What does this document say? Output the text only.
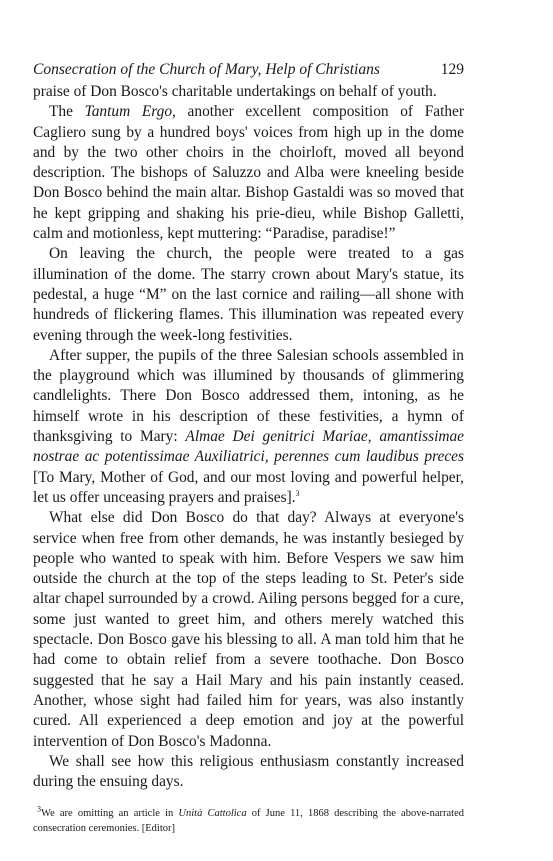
Consecration of the Church of Mary, Help of Christians	129

praise of Don Bosco's charitable undertakings on behalf of youth.

The Tantum Ergo, another excellent composition of Father Cagliero sung by a hundred boys' voices from high up in the dome and by the two other choirs in the choirloft, moved all beyond description. The bishops of Saluzzo and Alba were kneeling beside Don Bosco behind the main altar. Bishop Gastaldi was so moved that he kept gripping and shaking his prie-dieu, while Bishop Galletti, calm and motionless, kept muttering: “Paradise, paradise!”

On leaving the church, the people were treated to a gas illumination of the dome. The starry crown about Mary's statue, its pedestal, a huge “M” on the last cornice and railing—all shone with hundreds of flickering flames. This illumination was repeated every evening through the week-long festivities.

After supper, the pupils of the three Salesian schools assembled in the playground which was illumined by thousands of glimmering candlelights. There Don Bosco addressed them, intoning, as he himself wrote in his description of these festivities, a hymn of thanksgiving to Mary: Almae Dei genitrici Mariae, amantissimae nostrae ac potentissimae Auxiliatrici, perennes cum laudibus preces [To Mary, Mother of God, and our most loving and powerful helper, let us offer unceasing prayers and praises].$^3$

What else did Don Bosco do that day? Always at everyone's service when free from other demands, he was instantly besieged by people who wanted to speak with him. Before Vespers we saw him outside the church at the top of the steps leading to St. Peter's side altar chapel surrounded by a crowd. Ailing persons begged for a cure, some just wanted to greet him, and others merely watched this spectacle. Don Bosco gave his blessing to all. A man told him that he had come to obtain relief from a severe toothache. Don Bosco suggested that he say a Hail Mary and his pain instantly ceased. Another, whose sight had failed him for years, was also instantly cured. All experienced a deep emotion and joy at the powerful intervention of Don Bosco's Madonna.

We shall see how this religious enthusiasm constantly increased during the ensuing days.

$^3$We are omitting an article in Unità Cattolica of June 11, 1868 describing the above-narrated consecration ceremonies. [Editor]
